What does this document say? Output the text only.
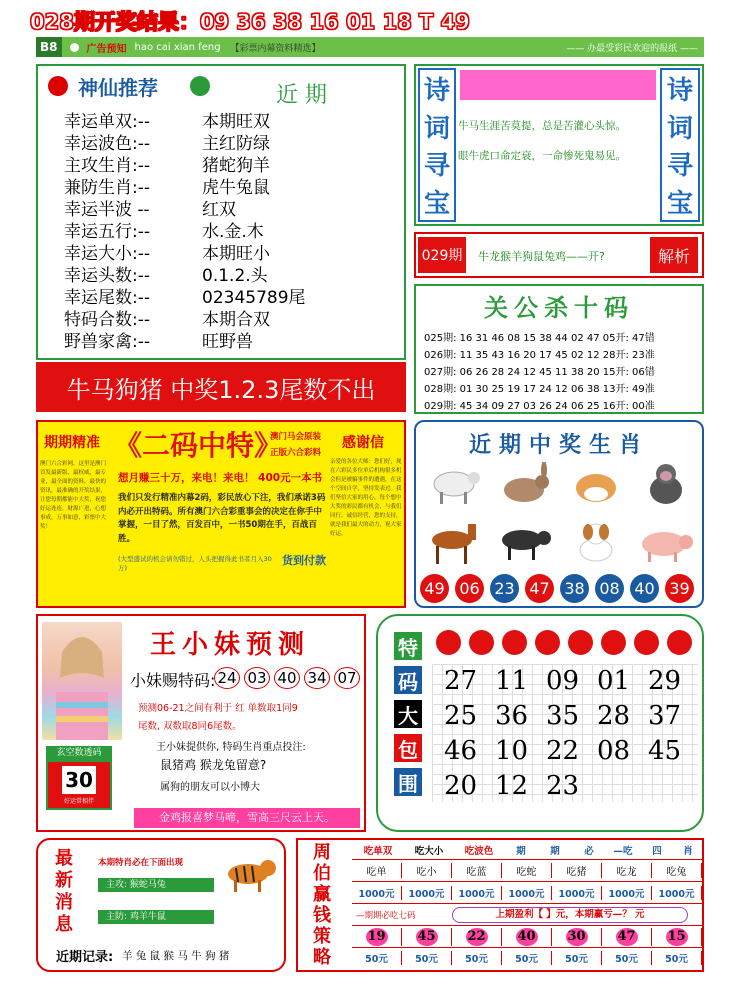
028期开奖结果：09 36 38 16 01 18 T 49
B8	广告预知 hao cai xian feng 【彩票内幕资料精选】	—— 办最受彩民欢迎的报纸 ——
神仙推荐	近 期
幸运单双:--	本期旺双
幸运波色:--	主红防绿
主攻生肖:--	猪蛇狗羊
兼防生肖:--	虎牛兔鼠
幸运半波 --	红双
幸运五行:--	水.金.木
幸运大小:--	本期旺小
幸运头数:--	0.1.2.头
幸运尾数:--	02345789尾
特码合数:--	本期合双
野兽家禽:--	旺野兽
牛马狗猪 中奖1.2.3尾数不出
诗
词
寻
宝
诗
词
寻
宝
牛马生涯苦莫提，总是苦灌心头惊。
眼牛虎口命定衰，一命惨死鬼易见。
029期	牛龙猴羊狗鼠兔鸡——开?	解析
关公杀十码
025期: 16 31 46 08 15 38 44 02 47 05开: 47错
026期: 11 35 43 16 20 17 45 02 12 28开: 23准
027期: 06 26 28 24 12 45 11 38 20 15开: 06错
028期: 01 30 25 19 17 24 12 06 38 13开: 49准
029期: 45 34 09 27 03 26 24 06 25 16开: 00准
期期精准
澳门六合彩网，这里是澳门首发最新版，最权威，最专业，最全面的资料，最快的资讯，最准确的开奖结果，让您每期都能中大奖，祝您好运连连，财源广进，心想事成，万事如意，彩票中大奖！
《二码中特》
澳门马会原装
正版六合彩料
想月赚三十万，来电！来电！ 400元一本书
我们只发行精准内幕2码，彩民放心下注，我们承诺3码内必开出特码。所有澳门六合彩重事会的决定在你手中掌握，一目了然，百发百中，一书50期在手，百战百胜。
(大型盛试的机会请勿错过，人头把握得此书者月入30万)
货到付款
感谢信
亲爱的各位大师：您们好，现在六彩民多位单后机构很多机会但是被骗事件的遭遇，在这个空间自学，坚持发表过。我们坚信大家的用心，每个想中大奖的彩民都有机会，与我们同行。诚信经营，您的支持，就是我们最大的动力，祝大家好运。
近期中奖生肖
49 06 23 47 38 08 40 39
王小妹预测
小妹赐特码: 24 03 40 34 07
预测06-21之间有利于 红 单数取1同9
尾数, 双数取8同6尾数。
玄空数透码
30
好运常相伴
王小妹提供你, 特码生肖重点投注:
鼠猪鸡 猴龙兔留意?
属狗的朋友可以小博大
金鸡报喜梦马啼，雪高三尺云上天。
特
码
大
包
围
27 11 09 01 29
25 36 35 28 37
46 10 22 08 45
20 12 23
最
新
消
息
本期特肖必在下面出现
主攻: 猴蛇马兔
主防: 鸡羊牛鼠
近期记录: 羊 兔 鼠 猴 马 牛 狗 猪
周
伯
赢
钱
策
略
吃单双	吃大小	吃波色	期	期	必	—吃	四	肖
吃单	吃小	吃蓝	吃蛇	吃猪	吃龙	吃兔
1000元	1000元	1000元	1000元	1000元	1000元	1000元
—期期必吃七码	上期盈利【 】元，本期赢亏—？ 元
19 45 22 40 30 47 15
50元	50元	50元	50元	50元	50元	50元
